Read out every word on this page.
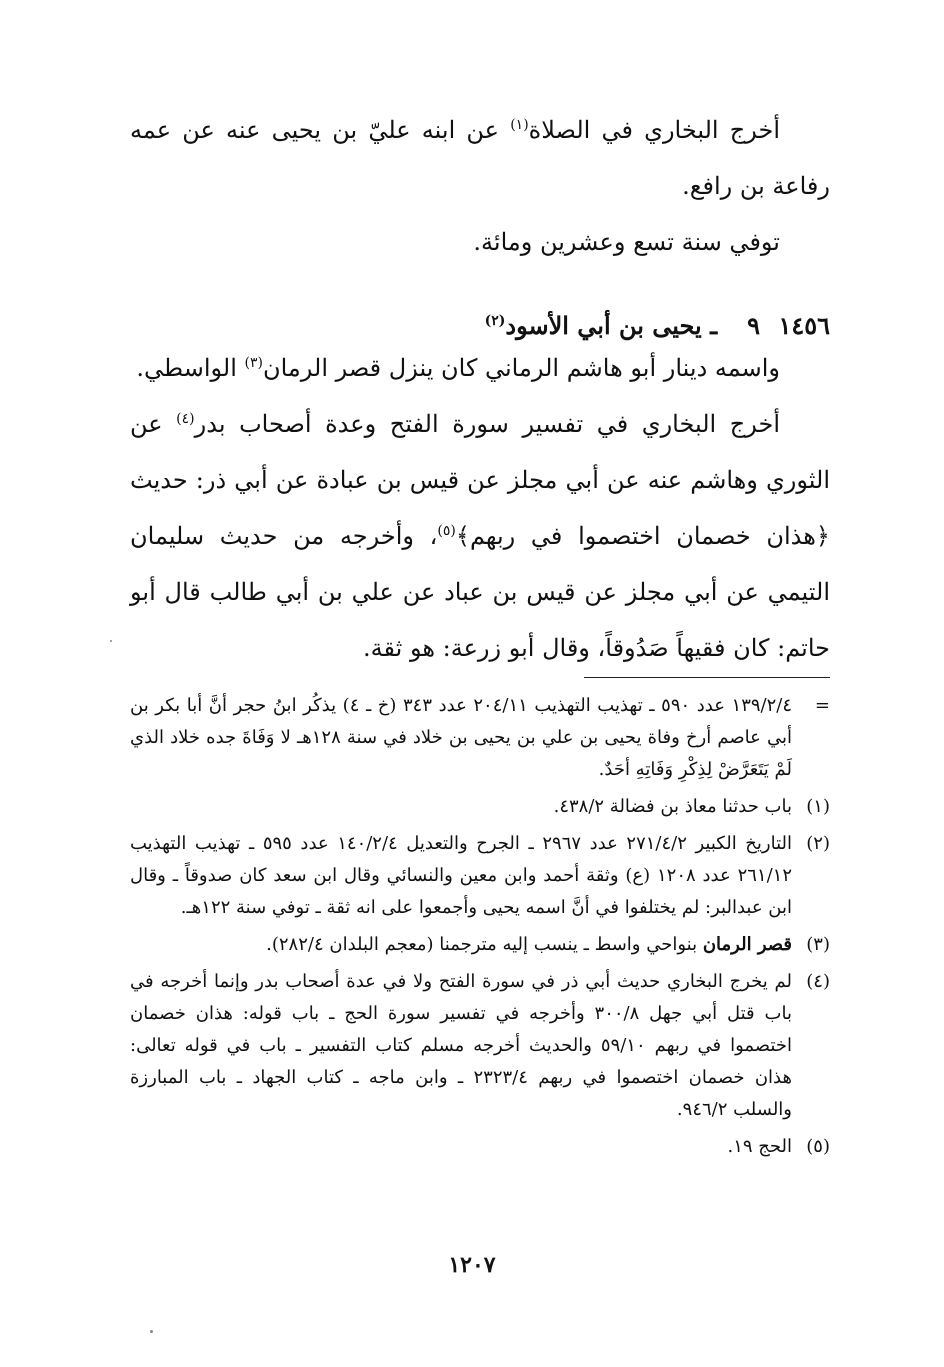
أخرج البخاري في الصلاة$^{(١)}$ عن ابنه عليّ بن يحيى عنه عن عمه رفاعة بن رافع.

توفي سنة تسع وعشرين ومائة.

١٤٥٦٩ـ يحيى بن أبي الأسود$^{(٢)}$

واسمه دينار أبو هاشم الرماني كان ينزل قصر الرمان$^{(٣)}$ الواسطي.

أخرج البخاري في تفسير سورة الفتح وعدة أصحاب بدر$^{(٤)}$ عن الثوري وهاشم عنه عن أبي مجلز عن قيس بن عبادة عن أبي ذر: حديث ﴿هذان خصمان اختصموا في ربهم﴾$^{(٥)}$، وأخرجه من حديث سليمان التيمي عن أبي مجلز عن قيس بن عباد عن علي بن أبي طالب قال أبو حاتم: كان فقيهاً صَدُوقاً، وقال أبو زرعة: هو ثقة.

=
١٣٩/٢/٤ عدد ٥٩٠ ـ تهذيب التهذيب ٢٠٤/١١ عدد ٣٤٣ (خ ـ ٤) يذكُر ابنُ حجر أنَّ أبا بكر بن أبي عاصم أرخ وفاة يحيى بن علي بن يحيى بن خلاد في سنة ١٢٨هـ لا وَفَاةَ جده خلاد الذي لَمْ يَتَعَرَّضْ لِذِكْرِ وَفَاتِهِ أحَدٌ.
(١)
باب حدثنا معاذ بن فضالة ٤٣٨/٢.
(٢)
التاريخ الكبير ٢٧١/٤/٢ عدد ٢٩٦٧ ـ الجرح والتعديل ١٤٠/٢/٤ عدد ٥٩٥ ـ تهذيب التهذيب ٢٦١/١٢ عدد ١٢٠٨ (ع) وثقة أحمد وابن معين والنسائي وقال ابن سعد كان صدوقاً ـ وقال ابن عبدالبر: لم يختلفوا في أنَّ اسمه يحيى وأجمعوا على انه ثقة ـ توفي سنة ١٢٢هـ.
(٣)
قصر الرمان بنواحي واسط ـ ينسب إليه مترجمنا (معجم البلدان ٢٨٢/٤).
(٤)
لم يخرج البخاري حديث أبي ذر في سورة الفتح ولا في عدة أصحاب بدر وإنما أخرجه في باب قتل أبي جهل ٣٠٠/٨ وأخرجه في تفسير سورة الحج ـ باب قوله: هذان خصمان اختصموا في ربهم ٥٩/١٠ والحديث أخرجه مسلم كتاب التفسير ـ باب في قوله تعالى: هذان خصمان اختصموا في ربهم ٢٣٢٣/٤ ـ وابن ماجه ـ كتاب الجهاد ـ باب المبارزة والسلب ٩٤٦/٢.
(٥)
الحج ١٩.
١٢٠٧
